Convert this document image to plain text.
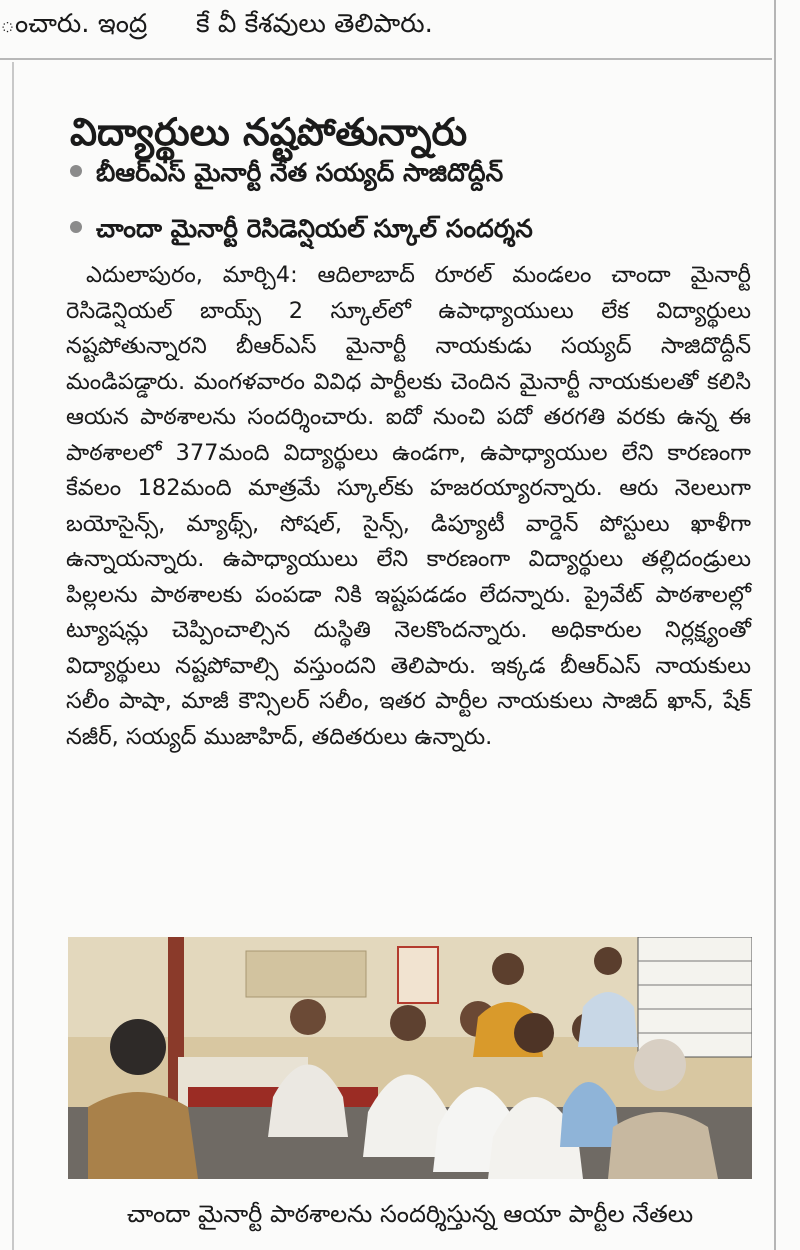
ంచారు. ఇంద్ర కే వీ కేశవులు తెలిపారు.
విద్యార్థులు నష్టపోతున్నారు
బీఆర్ఎస్ మైనార్టీ నేత సయ్యద్ సాజిదొద్దీన్
చాందా మైనార్టీ రెసిడెన్షియల్ స్కూల్ సందర్శన
ఎదులాపురం, మార్చి4: ఆదిలాబాద్ రూరల్ మండలం చాందా మైనార్టీ రెసిడెన్షియల్ బాయ్స్ 2 స్కూల్‌లో ఉపాధ్యాయులు లేక విద్యార్థులు నష్టపోతున్నారని బీఆర్ఎస్ మైనార్టీ నాయకుడు సయ్యద్ సాజిదొద్దీన్ మండిపడ్డారు. మంగళవారం వివిధ పార్టీలకు చెందిన మైనార్టీ నాయకులతో కలిసి ఆయన పాఠశాలను సందర్శించారు. ఐదో నుంచి పదో తరగతి వరకు ఉన్న ఈ పాఠశాలలో 377మంది విద్యార్థులు ఉండగా, ఉపాధ్యాయుల లేని కారణంగా కేవలం 182మంది మాత్రమే స్కూల్‌కు హజరయ్యారన్నారు. ఆరు నెలలుగా బయోసైన్స్, మ్యాథ్స్, సోషల్, సైన్స్, డిప్యూటీ వార్డెన్ పోస్టులు ఖాళీగా ఉన్నాయన్నారు. ఉపాధ్యాయులు లేని కారణంగా విద్యార్థులు తల్లిదండ్రులు పిల్లలను పాఠశాలకు పంపడా నికి ఇష్టపడడం లేదన్నారు. ప్రైవేట్ పాఠశాలల్లో ట్యూషన్లు చెప్పించాల్సిన దుస్థితి నెలకొందన్నారు. అధికారుల నిర్లక్ష్యంతో విద్యార్థులు నష్టపోవాల్సి వస్తుందని తెలిపారు. ఇక్కడ బీఆర్ఎస్ నాయకులు సలీం పాషా, మాజీ కౌన్సిలర్ సలీం, ఇతర పార్టీల నాయకులు సాజిద్ ఖాన్, షేక్ నజీర్, సయ్యద్ ముజాహిద్, తదితరులు ఉన్నారు.
చాందా మైనార్టీ పాఠశాలను సందర్శిస్తున్న ఆయా పార్టీల నేతలు
